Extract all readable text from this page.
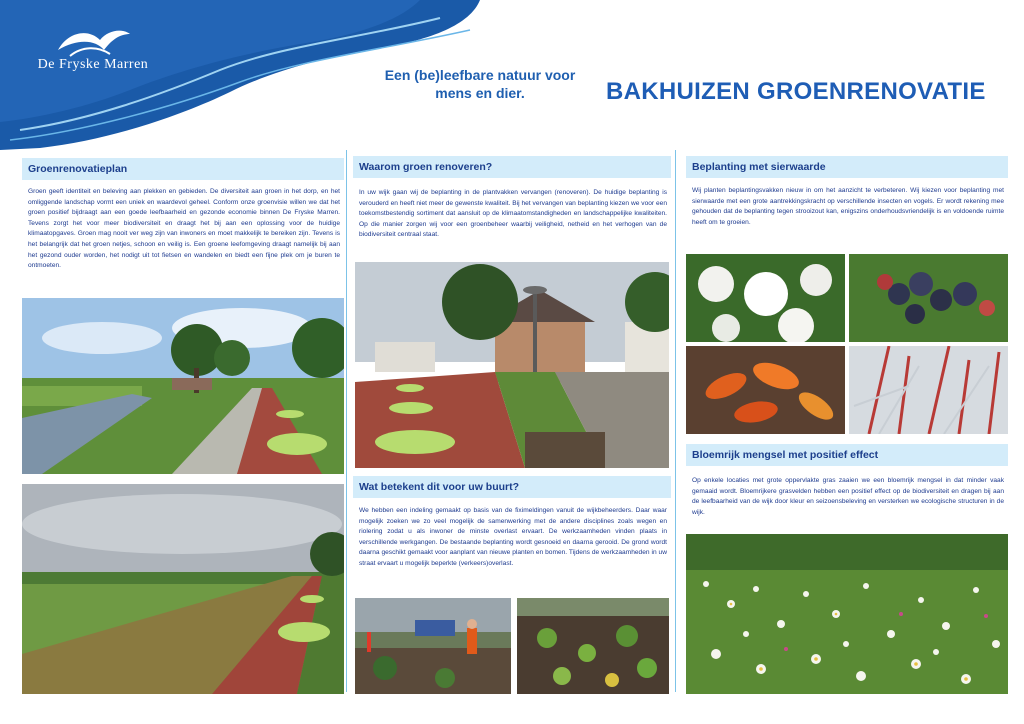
De Fryske Marren
Een (be)leefbare natuur voor
mens en dier.	BAKHUIZEN GROENRENOVATIE
Groenrenovatieplan
Groen geeft identiteit en beleving aan plekken en gebieden. De diversiteit aan groen in het dorp, en het omliggende landschap vormt een uniek en waardevol geheel. Conform onze groenvisie willen we dat het groen positief bijdraagt aan een goede leefbaarheid en gezonde economie binnen De Fryske Marren. Tevens zorgt het voor meer biodiversiteit en draagt het bij aan een oplossing voor de huidige klimaatopgaves. Groen mag nooit ver weg zijn van inwoners en moet makkelijk te bereiken zijn. Tevens is het belangrijk dat het groen netjes, schoon en veilig is. Een groene leefomgeving draagt namelijk bij aan het gezond ouder worden, het nodigt uit tot fietsen en wandelen en biedt een fijne plek om je buren te ontmoeten.
Waarom groen renoveren?
In uw wijk gaan wij de beplanting in de plantvakken vervangen (renoveren). De huidige beplanting is verouderd en heeft niet meer de gewenste kwaliteit. Bij het vervangen van beplanting kiezen we voor een toekomstbestendig sortiment dat aansluit op de klimaatomstandigheden en landschappelijke kwaliteiten. Op die manier zorgen wij voor een groenbeheer waarbij veiligheid, netheid en het verhogen van de biodiversiteit centraal staat.
Wat betekent dit voor uw buurt?
We hebben een indeling gemaakt op basis van de fiximeldingen vanuit de wijkbeheerders. Daar waar mogelijk zoeken we zo veel mogelijk de samenwerking met de andere disciplines zoals wegen en riolering zodat u als inwoner de minste overlast ervaart. De werkzaamheden vinden plaats in verschillende werkgangen. De bestaande beplanting wordt gesnoeid en daarna gerooid. De grond wordt daarna geschikt gemaakt voor aanplant van nieuwe planten en bomen. Tijdens de werkzaamheden in uw straat ervaart u mogelijk beperkte (verkeers)overlast.
Beplanting met sierwaarde
Wij planten beplantingsvakken nieuw in om het aanzicht te verbeteren. Wij kiezen voor beplanting met sierwaarde met een grote aantrekkingskracht op verschillende insecten en vogels. Er wordt rekening mee gehouden dat de beplanting tegen strooizout kan, enigszins onderhoudsvriendelijk is en voldoende ruimte heeft om te groeien.
Bloemrijk mengsel met positief effect
Op enkele locaties met grote oppervlakte gras zaaien we een bloemrijk mengsel in dat minder vaak gemaaid wordt. Bloemrijkere grasvelden hebben een positief effect op de biodiversiteit en dragen bij aan de leefbaarheid van de wijk door kleur en seizoensbeleving en versterken we ecologische structuren in de wijk.
